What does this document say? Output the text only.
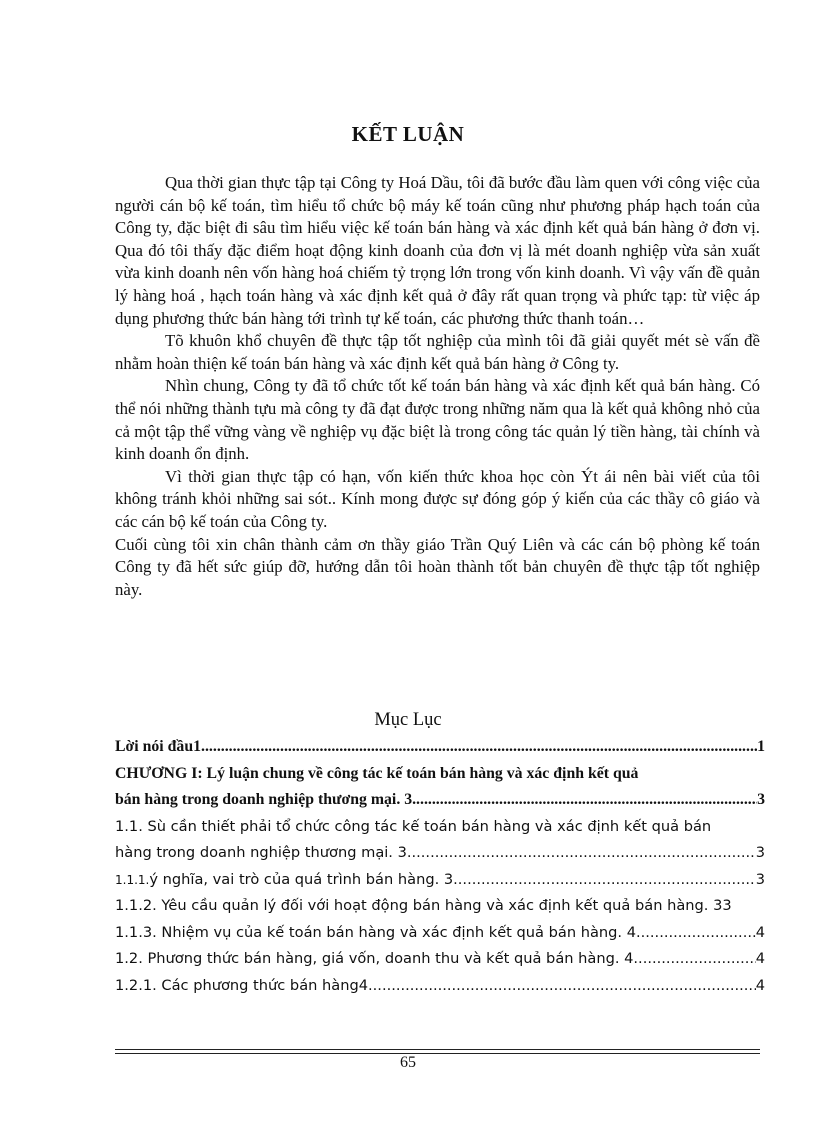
KẾT LUẬN

Qua thời gian thực tập tại Công ty Hoá Dầu, tôi đã bước đầu làm quen với công việc của người cán bộ kế toán, tìm hiểu tổ chức bộ máy kế toán cũng như phương pháp hạch toán của Công ty, đặc biệt đi sâu tìm hiểu việc kế toán bán hàng và xác định kết quả bán hàng ở đơn vị. Qua đó tôi thấy đặc điểm hoạt động kinh doanh của đơn vị là mét doanh nghiệp vừa sản xuất vừa kinh doanh nên vốn hàng hoá chiếm tỷ trọng lớn trong vốn kinh doanh. Vì vậy vấn đề quản lý hàng hoá , hạch toán hàng và xác định kết quả ở đây rất quan trọng và phức tạp: từ việc áp dụng phương thức bán hàng tới trình tự kế toán, các phương thức thanh toán…

Tõ khuôn khổ chuyên đề thực tập tốt nghiệp của mình tôi đã giải quyết mét sè vấn đề nhằm hoàn thiện kế toán bán hàng và xác định kết quả bán hàng ở Công ty.

Nhìn chung, Công ty đã tổ chức tốt kế toán bán hàng và xác định kết quả bán hàng. Có thể nói những thành tựu mà công ty đã đạt được trong những năm qua là kết quả không nhỏ của cả một tập thể vững vàng về nghiệp vụ đặc biệt là trong công tác quản lý tiền hàng, tài chính và kinh doanh ổn định.

Vì thời gian thực tập có hạn, vốn kiến thức khoa học còn Ýt ái nên bài viết của tôi không tránh khỏi những sai sót.. Kính mong được sự đóng góp ý kiến của các thầy cô giáo và các cán bộ kế toán của Công ty.

Cuối cùng tôi xin chân thành cảm ơn thầy giáo Trần Quý Liên và các cán bộ phòng kế toán Công ty đã hết sức giúp đỡ, hướng dẫn tôi hoàn thành tốt bản chuyên đề thực tập tốt nghiệp này.

Mục Lục
Lời nói đầu1 .....	1
CHƯƠNG I: Lý luận chung về công tác kế toán bán hàng và xác định kết quả
bán hàng trong doanh nghiệp thương mại. 3 .....	3
1.1. Sù cần thiết phải tổ chức công tác kế toán bán hàng và xác định kết quả bán
hàng trong doanh nghiệp thương mại. 3 .....	3
1.1.1. ý nghĩa, vai trò của quá trình bán hàng. 3 .....	3
1.1.2. Yêu cầu quản lý đối với hoạt động bán hàng và xác định kết quả bán hàng. 33
1.1.3. Nhiệm vụ của kế toán bán hàng và xác định kết quả bán hàng. 4 .....	4
1.2. Phương thức bán hàng, giá vốn, doanh thu và kết quả bán hàng. 4 .....	4
1.2.1. Các phương thức bán hàng4 .....	4
65
